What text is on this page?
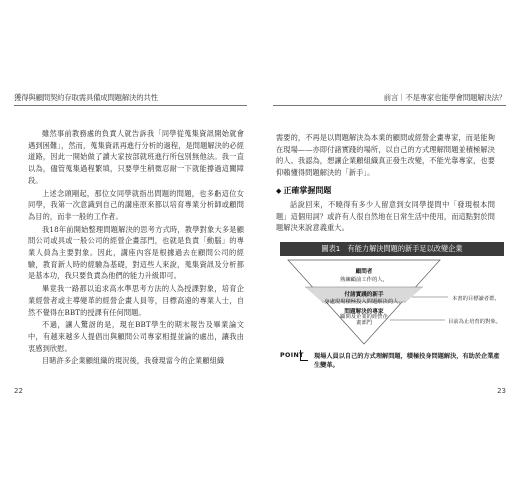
獲得與顧問契約存取需具備成問題解決的共性

雖然事前教務處的負責人就告訴我「同學從蒐集資訊開始就會遇到困難」，然而，蒐集資訊再進行分析的過程，是問題解決的必經道路，因此一開始做了讀大家按部就班進行所包別無他法。我一直以為，儘管蒐集過程繁填，只要學生稍微忍耐一下就能撐過這關障段。

上述念頭剛起，那位女同學就指出問題的問題，也多虧這位女同學，我第一次意識到自己的講座原來都以培育專業分析師或顧問為目的，而非一般的工作者。

我18年前開始整理問題解決的思考方式時，教學對象大多是顧問公司或具或一般公司的經營企畫部門，也就是負責「動腦」的專業人員為主要對象。因此，講座內容是根據過去在顧問公司的經驗，教育新人時的經驗為基礎，對這些人來說，蒐集資訊及分析都是基本功，我只要負責為他們的能力升級即可。

畢竟我一路都以追求高水準思考方法的人為授課對象，培育企業經營者或主導變革的經營企畫人員等，目標高遠的專業人士，自然不覺得在BBT的授課有任何問題。

不過，讓人驚訝的是，現在BBT學生的期末報告及畢業論文中，有越來越多人提倡出與顧問公司專家相提並論的處出，讓我由衷感到欣慰。

目睹許多企業顧組織的現況後，我發現當今的企業顧組織

22
前言｜不是專家也能學會問題解決法？

需要的，不再是以問題解決為本業的顧問或經營企畫專家，而是能夠在現場——亦即付諸實踐的場所，以自己的方式理解問題並積極解決的人。我認為，想讓企業顧組織真正發生改變，不能光靠專家，也要仰賴懂得問題解決的「新手」。

◆ 正確掌握問題

話說回來，不曉得有多少人留意到女同學提問中「發現根本問題」這個用詞？或許有人很自然地在日常生活中使用，而這點對於問題解決來說意義重大。

圖表1　有能力解決問題的新手足以改變企業
顧問者
熟練顧前工作的人，
付諸實踐的新手
身處現場積極投入問題解決的人，
問題解決的專家
顧問及企業的經營企畫部門
本書的目標讀者群。
目前為止培育的對象。
POINT 現場人員以自己的方式理解問題，積極投身問題解決，有助於企業產生變革。
23
